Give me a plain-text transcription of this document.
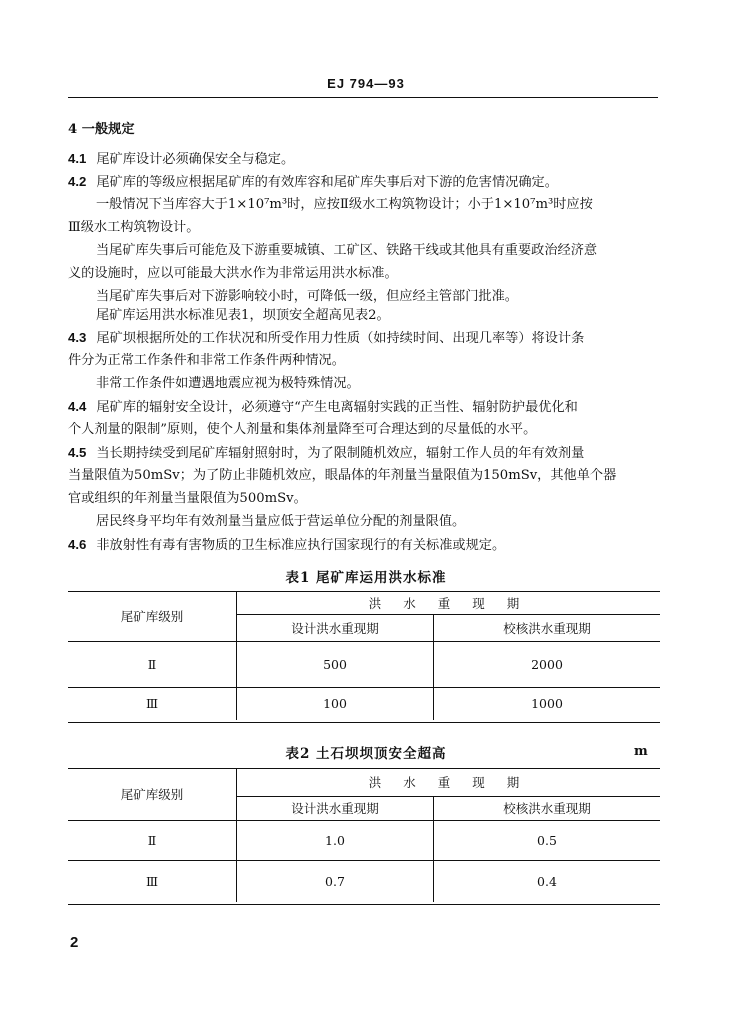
EJ 794—93
4 一般规定
4.1 尾矿库设计必须确保安全与稳定。
4.2 尾矿库的等级应根据尾矿库的有效库容和尾矿库失事后对下游的危害情况确定。
一般情况下当库容大于1×10⁷m³时，应按Ⅱ级水工构筑物设计；小于1×10⁷m³时应按
Ⅲ级水工构筑物设计。
当尾矿库失事后可能危及下游重要城镇、工矿区、铁路干线或其他具有重要政治经济意
义的设施时，应以可能最大洪水作为非常运用洪水标准。
当尾矿库失事后对下游影响较小时，可降低一级，但应经主管部门批准。
尾矿库运用洪水标准见表1，坝顶安全超高见表2。
4.3 尾矿坝根据所处的工作状况和所受作用力性质（如持续时间、出现几率等）将设计条
件分为正常工作条件和非常工作条件两种情况。
非常工作条件如遭遇地震应视为极特殊情况。
4.4 尾矿库的辐射安全设计，必须遵守“产生电离辐射实践的正当性、辐射防护最优化和
个人剂量的限制”原则，使个人剂量和集体剂量降至可合理达到的尽量低的水平。
4.5 当长期持续受到尾矿库辐射照射时，为了限制随机效应，辐射工作人员的年有效剂量
当量限值为50mSv；为了防止非随机效应，眼晶体的年剂量当量限值为150mSv，其他单个器
官或组织的年剂量当量限值为500mSv。
居民终身平均年有效剂量当量应低于营运单位分配的剂量限值。
4.6 非放射性有毒有害物质的卫生标准应执行国家现行的有关标准或规定。
表1 尾矿库运用洪水标准
尾矿库级别	洪 水 重 现 期	
	设计洪水重现期	校核洪水重现期
Ⅱ	500	2000
Ⅲ	100	1000
表2 土石坝坝顶安全超高	m
尾矿库级别	洪 水 重 现 期	
	设计洪水重现期	校核洪水重现期
Ⅱ	1.0	0.5
Ⅲ	0.7	0.4
2
